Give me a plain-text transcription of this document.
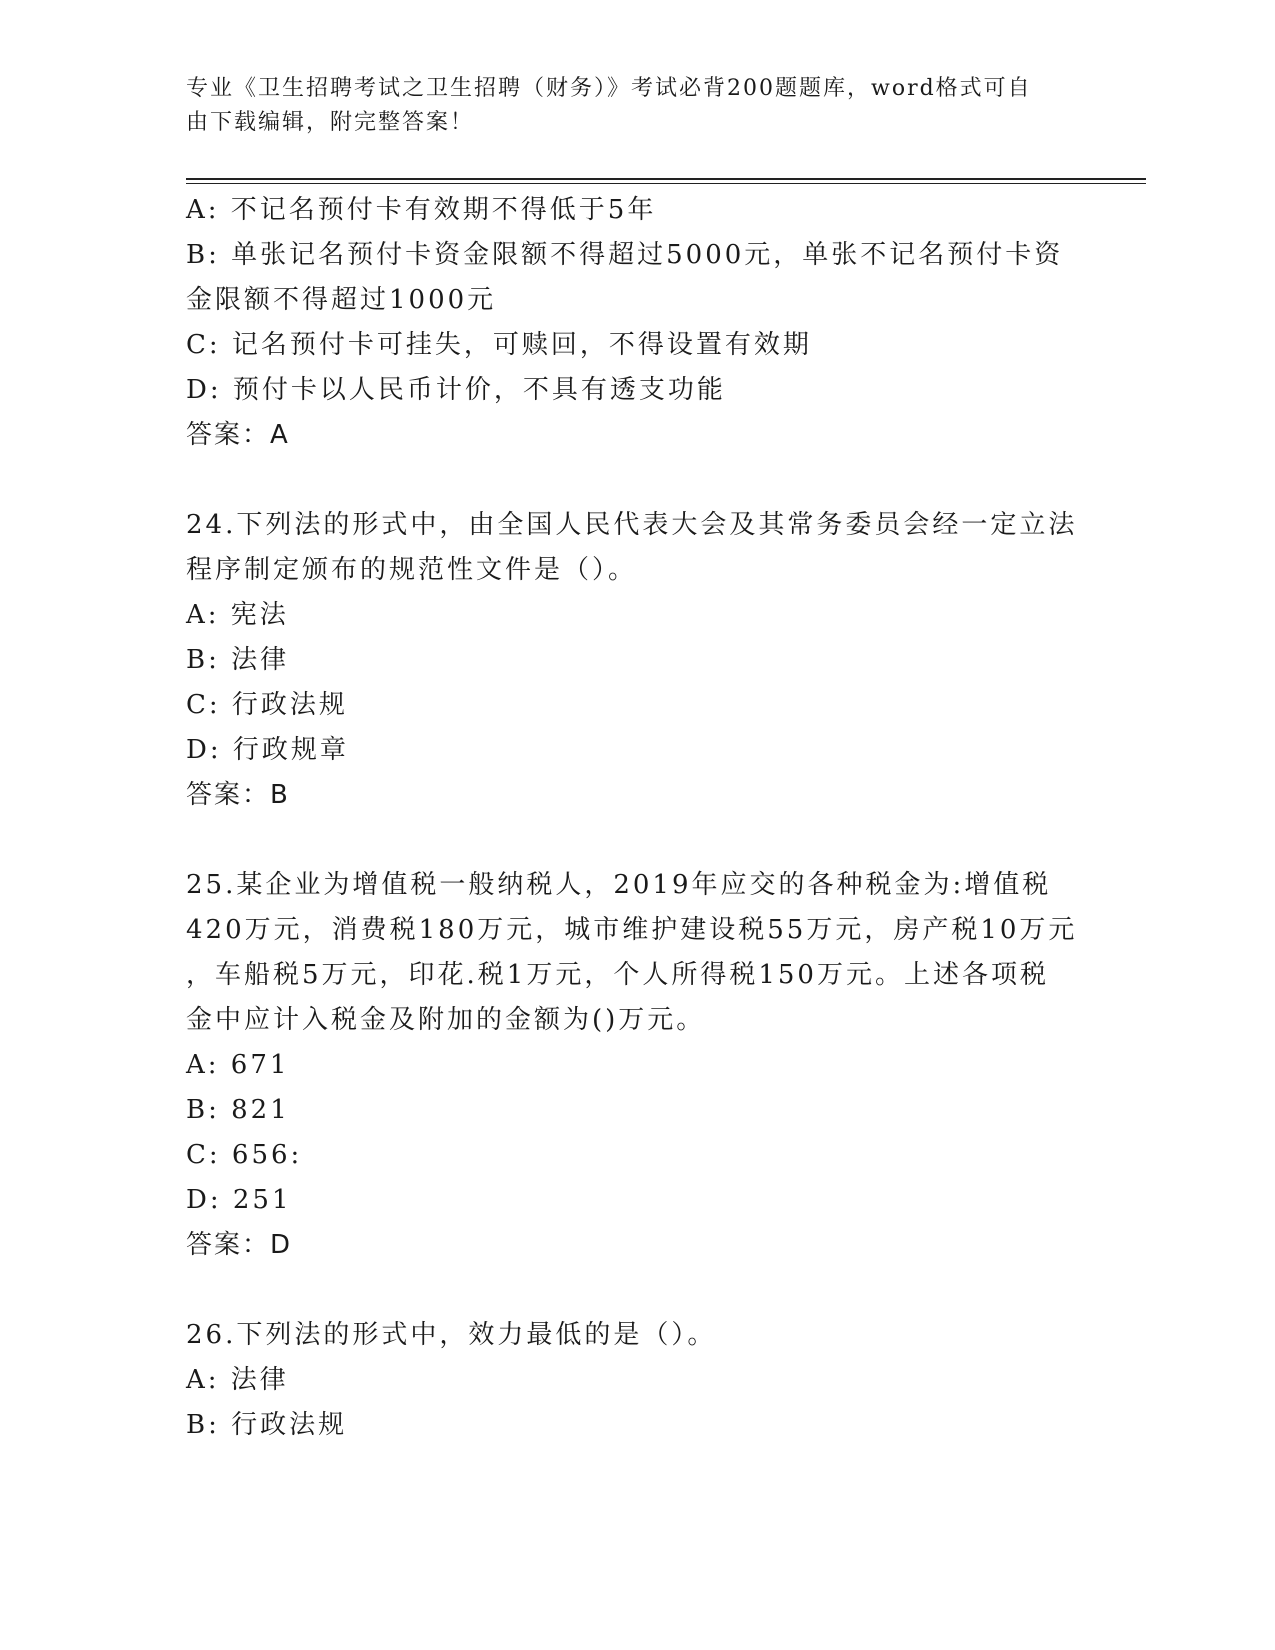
专业《卫生招聘考试之卫生招聘（财务）》考试必背200题题库，word格式可自
由下载编辑，附完整答案！
A: 不记名预付卡有效期不得低于5年
B: 单张记名预付卡资金限额不得超过5000元，单张不记名预付卡资
金限额不得超过1000元
C: 记名预付卡可挂失，可赎回，不得设置有效期
D: 预付卡以人民币计价，不具有透支功能
答案：A
24.下列法的形式中，由全国人民代表大会及其常务委员会经一定立法
程序制定颁布的规范性文件是（）。
A: 宪法
B: 法律
C: 行政法规
D: 行政规章
答案：B
25.某企业为增值税一般纳税人，2019年应交的各种税金为:增值税
420万元，消费税180万元，城市维护建设税55万元，房产税10万元
，车船税5万元，印花.税1万元，个人所得税150万元。上述各项税
金中应计入税金及附加的金额为()万元。
A: 671
B: 821
C: 656:
D: 251
答案：D
26.下列法的形式中，效力最低的是（）。
A: 法律
B: 行政法规
